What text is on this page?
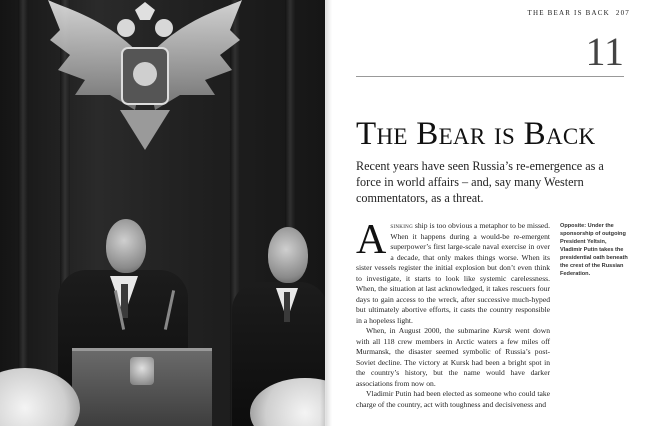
THE BEAR IS BACK 207
11
The Bear is Back
Recent years have seen Russia’s re-emergence as a force in world affairs – and, say many Western commentators, as a threat.

Asinking ship is too obvious a metaphor to be missed. When it happens during a would-be re-emergent superpower’s first large-scale naval exercise in over a decade, that only makes things worse. When its sister vessels register the initial explosion but don’t even think to investigate, it starts to look like systemic carelessness. When, the situation at last acknowledged, it takes rescuers four days to gain access to the wreck, after successive much-hyped but ultimately abortive efforts, it casts the country responsible in a hopeless light.

When, in August 2000, the submarine Kursk went down with all 118 crew members in Arctic waters a few miles off Murmansk, the disaster seemed symbolic of Russia’s post-Soviet decline. The victory at Kursk had been a bright spot in the country’s history, but the name would have darker associations from now on.

Vladimir Putin had been elected as someone who could take charge of the country, act with toughness and decisiveness and

Opposite: Under the sponsorship of outgoing President Yeltsin, Vladimir Putin takes the presidential oath beneath the crest of the Russian Federation.
